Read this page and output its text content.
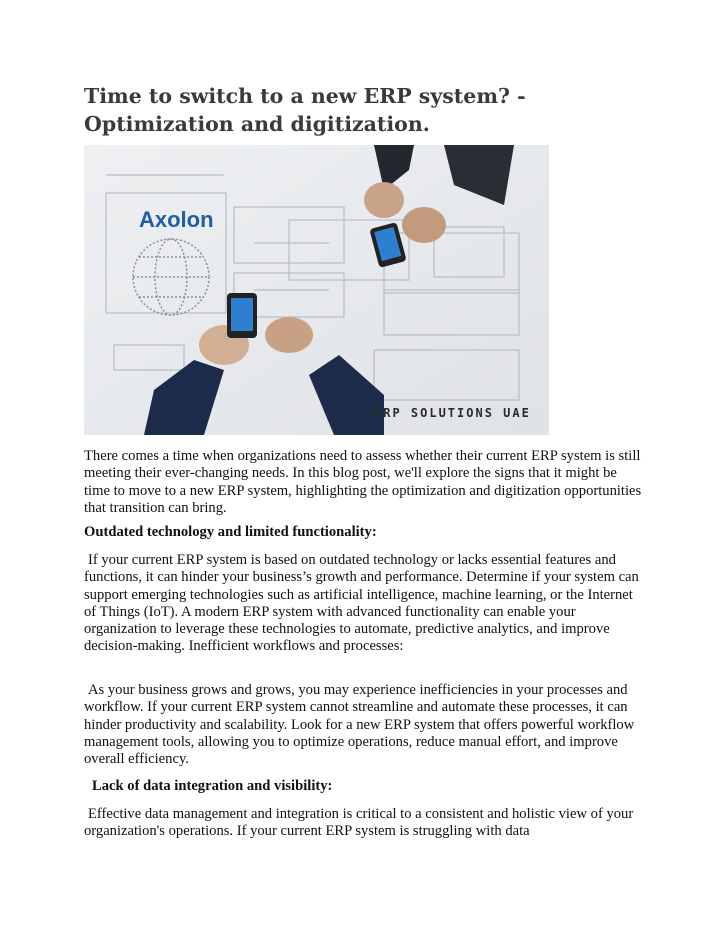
Time to switch to a new ERP system? -
Optimization and digitization.
Axolon
ERP SOLUTIONS UAE

There comes a time when organizations need to assess whether their current ERP system is still meeting their ever-changing needs. In this blog post, we'll explore the signs that it might be time to move to a new ERP system, highlighting the optimization and digitization opportunities that transition can bring.

Outdated technology and limited functionality:

If your current ERP system is based on outdated technology or lacks essential features and functions, it can hinder your business’s growth and performance. Determine if your system can support emerging technologies such as artificial intelligence, machine learning, or the Internet of Things (IoT). A modern ERP system with advanced functionality can enable your organization to leverage these technologies to automate, predictive analytics, and improve decision-making. Inefficient workflows and processes:

As your business grows and grows, you may experience inefficiencies in your processes and workflow. If your current ERP system cannot streamline and automate these processes, it can hinder productivity and scalability. Look for a new ERP system that offers powerful workflow management tools, allowing you to optimize operations, reduce manual effort, and improve overall efficiency.

Lack of data integration and visibility:

Effective data management and integration is critical to a consistent and holistic view of your organization's operations. If your current ERP system is struggling with data
